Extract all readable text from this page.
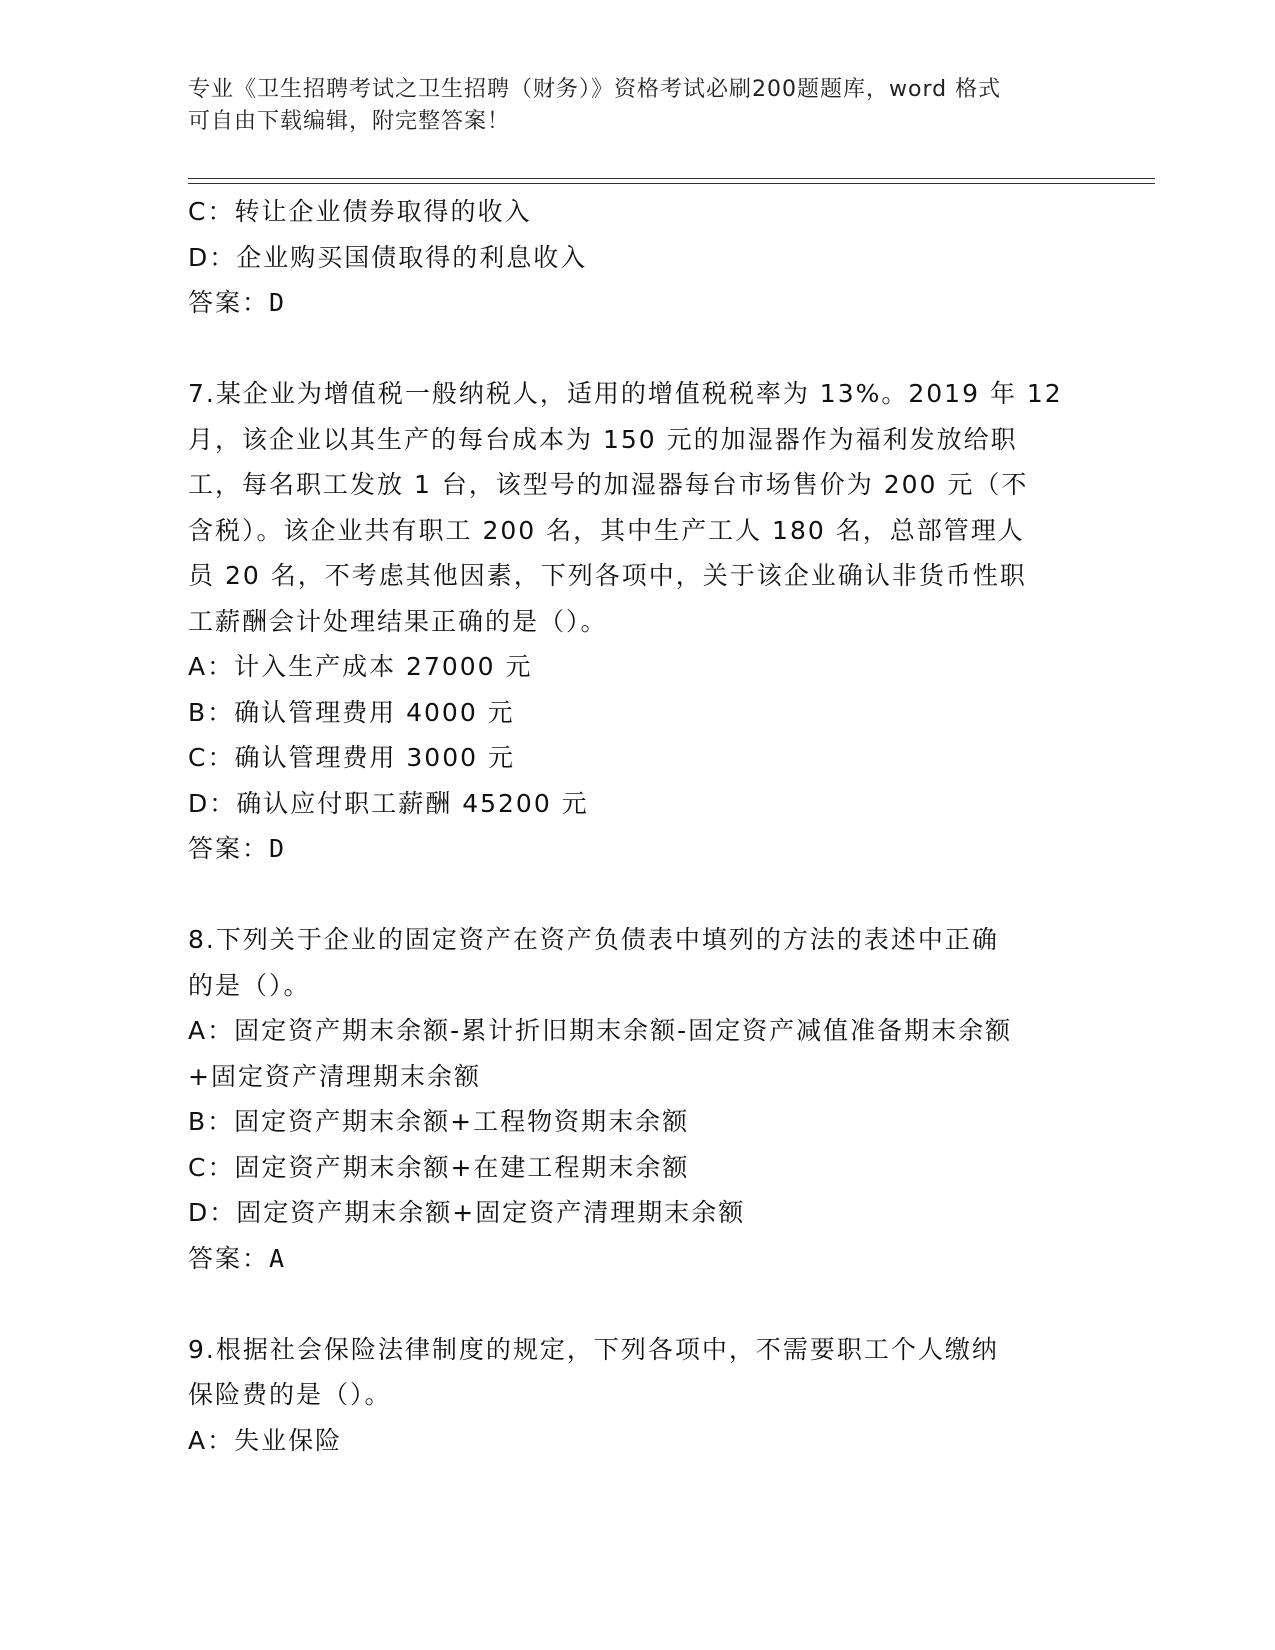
专业《卫生招聘考试之卫生招聘（财务）》资格考试必刷200题题库，word 格式
可自由下载编辑，附完整答案！
C：转让企业债券取得的收入
D：企业购买国债取得的利息收入
答案：D
7.某企业为增值税一般纳税人，适用的增值税税率为 13%。2019 年 12
月，该企业以其生产的每台成本为 150 元的加湿器作为福利发放给职
工，每名职工发放 1 台，该型号的加湿器每台市场售价为 200 元（不
含税）。该企业共有职工 200 名，其中生产工人 180 名，总部管理人
员 20 名，不考虑其他因素，下列各项中，关于该企业确认非货币性职
工薪酬会计处理结果正确的是（）。
A：计入生产成本 27000 元
B：确认管理费用 4000 元
C：确认管理费用 3000 元
D：确认应付职工薪酬 45200 元
答案：D
8.下列关于企业的固定资产在资产负债表中填列的方法的表述中正确
的是（）。
A：固定资产期末余额-累计折旧期末余额-固定资产减值准备期末余额
+固定资产清理期末余额
B：固定资产期末余额+工程物资期末余额
C：固定资产期末余额+在建工程期末余额
D：固定资产期末余额+固定资产清理期末余额
答案：A
9.根据社会保险法律制度的规定，下列各项中，不需要职工个人缴纳
保险费的是（）。
A：失业保险
